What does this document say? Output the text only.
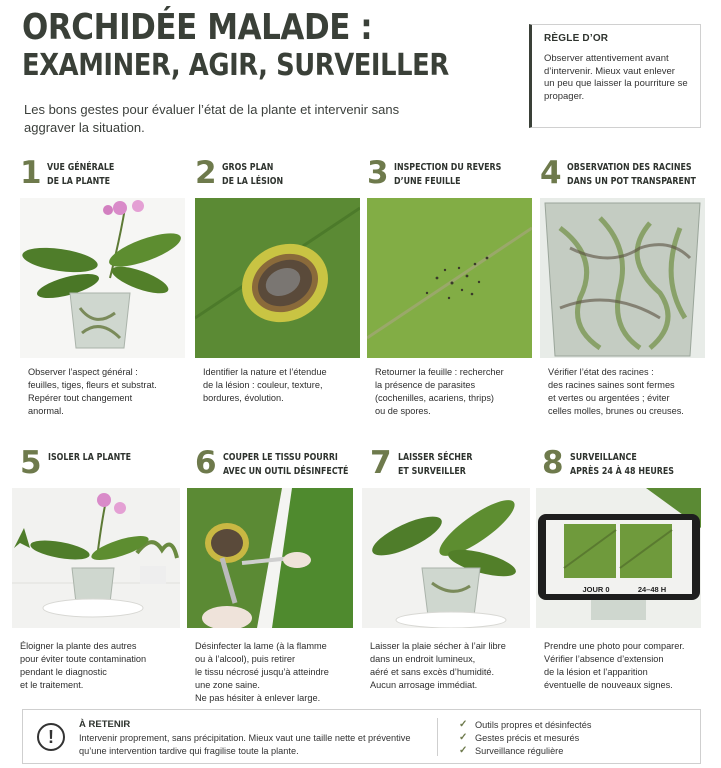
ORCHIDÉE MALADE :
EXAMINER, AGIR, SURVEILLER
Les bons gestes pour évaluer l’état de la plante et intervenir sans aggraver la situation.
RÈGLE D’OR
Observer attentivement avant d’intervenir. Mieux vaut enlever un peu que laisser la pourriture se propager.
1 VUE GÉNÉRALE
DE LA PLANTE
Observer l’aspect général :
feuilles, tiges, fleurs et substrat.
Repérer tout changement
anormal.
2 GROS PLAN
DE LA LÉSION
Identifier la nature et l’étendue
de la lésion : couleur, texture,
bordures, évolution.
3 INSPECTION DU REVERS
D’UNE FEUILLE
Retourner la feuille : rechercher
la présence de parasites
(cochenilles, acariens, thrips)
ou de spores.
4 OBSERVATION DES RACINES
DANS UN POT TRANSPARENT
Vérifier l’état des racines :
des racines saines sont fermes
et vertes ou argentées ; éviter
celles molles, brunes ou creuses.
5 ISOLER LA PLANTE
Éloigner la plante des autres
pour éviter toute contamination
pendant le diagnostic
et le traitement.
6 COUPER LE TISSU POURRI
AVEC UN OUTIL DÉSINFECTÉ
Désinfecter la lame (à la flamme
ou à l’alcool), puis retirer
le tissu nécrosé jusqu’à atteindre
une zone saine.
Ne pas hésiter à enlever large.
7 LAISSER SÉCHER
ET SURVEILLER
Laisser la plaie sécher à l’air libre
dans un endroit lumineux,
aéré et sans excès d’humidité.
Aucun arrosage immédiat.
8 SURVEILLANCE
APRÈS 24 À 48 HEURES
JOUR 0	24–48 H
Prendre une photo pour comparer.
Vérifier l’absence d’extension
de la lésion et l’apparition
éventuelle de nouveaux signes.
!
À RETENIR
Intervenir proprement, sans précipitation. Mieux vaut une taille nette et préventive qu’une intervention tardive qui fragilise toute la plante.
✓ Outils propres et désinfectés
✓ Gestes précis et mesurés
✓ Surveillance régulière
